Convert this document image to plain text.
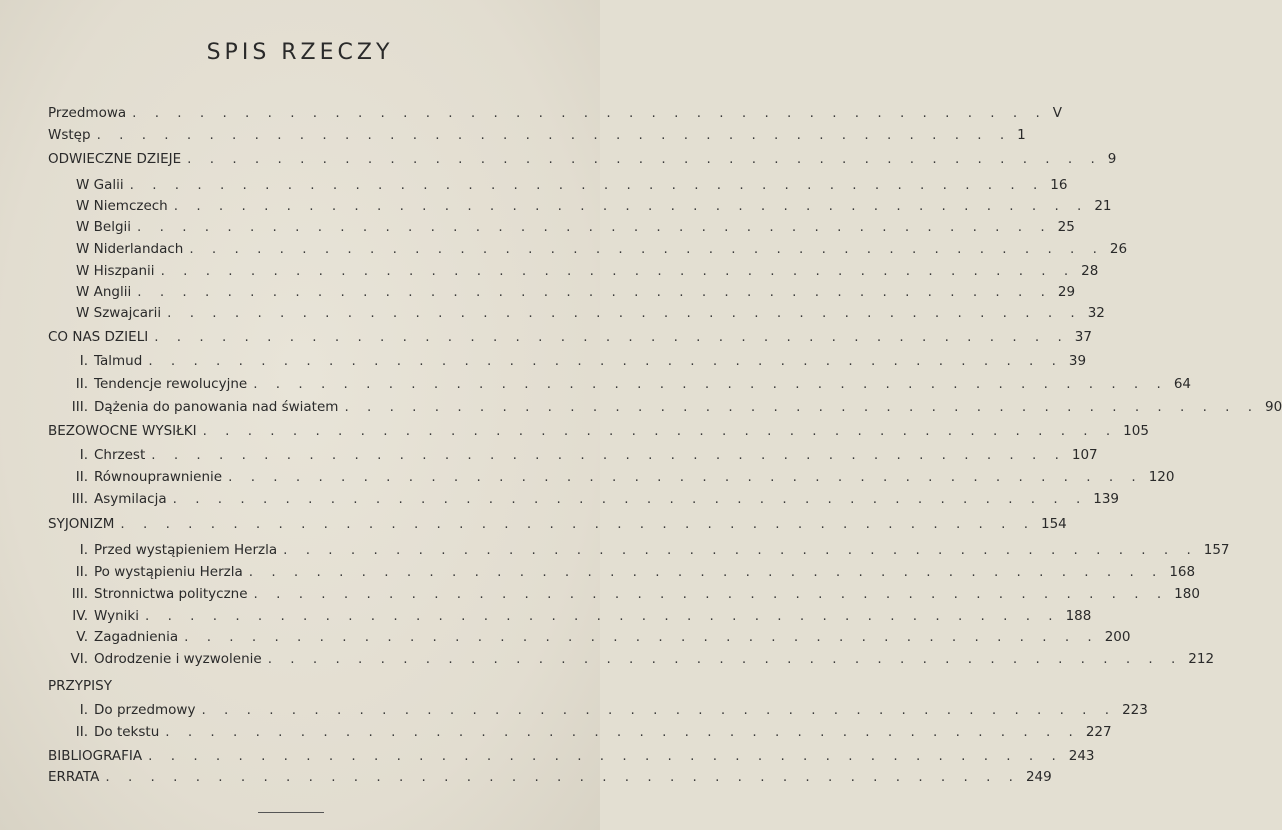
SPIS RZECZY
Przedmowa . . . . . . . . . . . . . . . . . . . . . . . . . . . . . . . . . . . . . . . . . V
Wstęp . . . . . . . . . . . . . . . . . . . . . . . . . . . . . . . . . . . . . . . . . 1
ODWIECZNE DZIEJE . . . . . . . . . . . . . . . . . . . . . . . . . . . . . . . . . . . . . . . . . 9
W Galii . . . . . . . . . . . . . . . . . . . . . . . . . . . . . . . . . . . . . . . . . 16
W Niemczech . . . . . . . . . . . . . . . . . . . . . . . . . . . . . . . . . . . . . . . . . 21
W Belgii . . . . . . . . . . . . . . . . . . . . . . . . . . . . . . . . . . . . . . . . . 25
W Niderlandach . . . . . . . . . . . . . . . . . . . . . . . . . . . . . . . . . . . . . . . . . 26
W Hiszpanii . . . . . . . . . . . . . . . . . . . . . . . . . . . . . . . . . . . . . . . . . 28
W Anglii . . . . . . . . . . . . . . . . . . . . . . . . . . . . . . . . . . . . . . . . . 29
W Szwajcarii . . . . . . . . . . . . . . . . . . . . . . . . . . . . . . . . . . . . . . . . . 32
CO NAS DZIELI . . . . . . . . . . . . . . . . . . . . . . . . . . . . . . . . . . . . . . . . . 37
I. Talmud . . . . . . . . . . . . . . . . . . . . . . . . . . . . . . . . . . . . . . . . . 39
II. Tendencje rewolucyjne . . . . . . . . . . . . . . . . . . . . . . . . . . . . . . . . . . . . . . . . . 64
III. Dążenia do panowania nad światem . . . . . . . . . . . . . . . . . . . . . . . . . . . . . . . . . . . . . . . . . 90
BEZOWOCNE WYSIŁKI . . . . . . . . . . . . . . . . . . . . . . . . . . . . . . . . . . . . . . . . . 105
I. Chrzest . . . . . . . . . . . . . . . . . . . . . . . . . . . . . . . . . . . . . . . . . 107
II. Równouprawnienie . . . . . . . . . . . . . . . . . . . . . . . . . . . . . . . . . . . . . . . . . 120
III. Asymilacja . . . . . . . . . . . . . . . . . . . . . . . . . . . . . . . . . . . . . . . . . 139
SYJONIZM . . . . . . . . . . . . . . . . . . . . . . . . . . . . . . . . . . . . . . . . . 154
I. Przed wystąpieniem Herzla . . . . . . . . . . . . . . . . . . . . . . . . . . . . . . . . . . . . . . . . . 157
II. Po wystąpieniu Herzla . . . . . . . . . . . . . . . . . . . . . . . . . . . . . . . . . . . . . . . . . 168
III. Stronnictwa polityczne . . . . . . . . . . . . . . . . . . . . . . . . . . . . . . . . . . . . . . . . . 180
IV. Wyniki . . . . . . . . . . . . . . . . . . . . . . . . . . . . . . . . . . . . . . . . . 188
V. Zagadnienia . . . . . . . . . . . . . . . . . . . . . . . . . . . . . . . . . . . . . . . . . 200
VI. Odrodzenie i wyzwolenie . . . . . . . . . . . . . . . . . . . . . . . . . . . . . . . . . . . . . . . . . 212
PRZYPISY
I. Do przedmowy . . . . . . . . . . . . . . . . . . . . . . . . . . . . . . . . . . . . . . . . . 223
II. Do tekstu . . . . . . . . . . . . . . . . . . . . . . . . . . . . . . . . . . . . . . . . . 227
BIBLIOGRAFIA . . . . . . . . . . . . . . . . . . . . . . . . . . . . . . . . . . . . . . . . . 243
ERRATA . . . . . . . . . . . . . . . . . . . . . . . . . . . . . . . . . . . . . . . . . 249
